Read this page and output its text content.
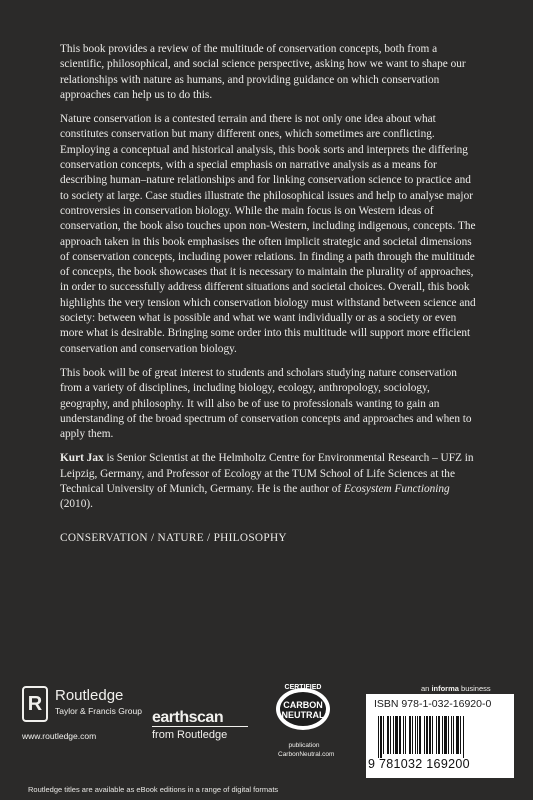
This book provides a review of the multitude of conservation concepts, both from a scientific, philosophical, and social science perspective, asking how we want to shape our relationships with nature as humans, and providing guidance on which conservation approaches can help us to do this.

Nature conservation is a contested terrain and there is not only one idea about what constitutes conservation but many different ones, which sometimes are conflicting. Employing a conceptual and historical analysis, this book sorts and interprets the differing conservation concepts, with a special emphasis on narrative analysis as a means for describing human–nature relationships and for linking conservation science to practice and to society at large. Case studies illustrate the philosophical issues and help to analyse major controversies in conservation biology. While the main focus is on Western ideas of conservation, the book also touches upon non-Western, including indigenous, concepts. The approach taken in this book emphasises the often implicit strategic and societal dimensions of conservation concepts, including power relations. In finding a path through the multitude of concepts, the book showcases that it is necessary to maintain the plurality of approaches, in order to successfully address different situations and societal choices. Overall, this book highlights the very tension which conservation biology must withstand between science and society: between what is possible and what we want individually or as a society or even more what is desirable. Bringing some order into this multitude will support more efficient conservation and conservation biology.

This book will be of great interest to students and scholars studying nature conservation from a variety of disciplines, including biology, ecology, anthropology, sociology, geography, and philosophy. It will also be of use to professionals wanting to gain an understanding of the broad spectrum of conservation concepts and approaches and when to apply them.

Kurt Jax is Senior Scientist at the Helmholtz Centre for Environmental Research – UFZ in Leipzig, Germany, and Professor of Ecology at the TUM School of Life Sciences at the Technical University of Munich, Germany. He is the author of Ecosystem Functioning (2010).

CONSERVATION / NATURE / PHILOSOPHY
R Routledge
Taylor & Francis Group
www.routledge.com
earthscan
from Routledge
CERTIFIED
CARBON
NEUTRAL
publication
CarbonNeutral.com
an informa business
ISBN 978-1-032-16920-0
9 781032 169200
Routledge titles are available as eBook editions in a range of digital formats
